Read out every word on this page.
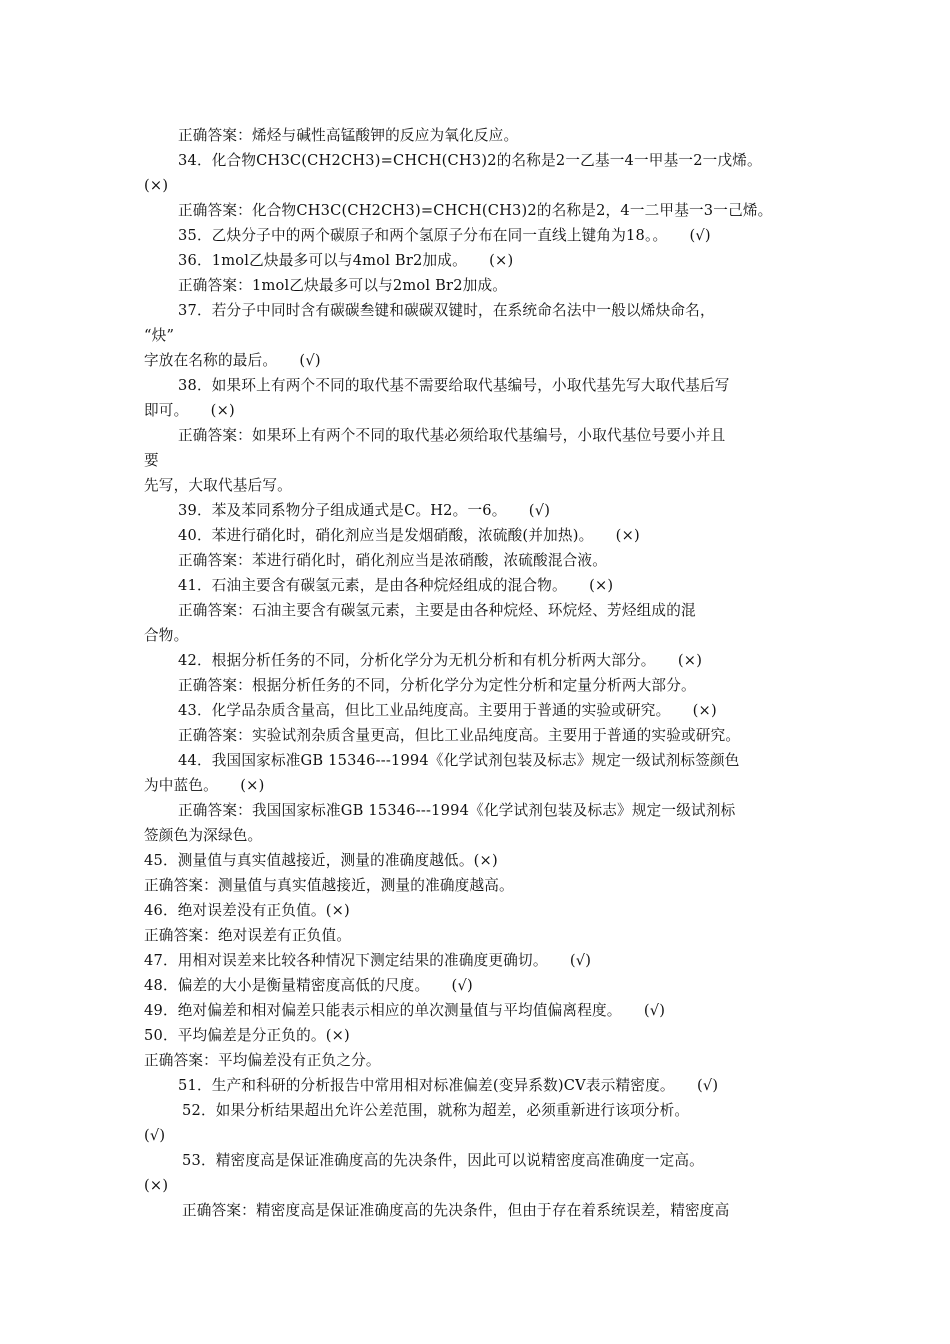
正确答案：烯烃与碱性高锰酸钾的反应为氧化反应。
34．化合物CH3C(CH2CH3)=CHCH(CH3)2的名称是2一乙基一4一甲基一2一戊烯。
(×)
正确答案：化合物CH3C(CH2CH3)=CHCH(CH3)2的名称是2，4一二甲基一3一己烯。
35．乙炔分子中的两个碳原子和两个氢原子分布在同一直线上键角为18。。　　(√)
36．1mol乙炔最多可以与4mol Br2加成。　　(×)
正确答案：1mol乙炔最多可以与2mol Br2加成。
37．若分子中同时含有碳碳叁键和碳碳双键时，在系统命名法中一般以烯炔命名，
“炔”
字放在名称的最后。　　(√)
38．如果环上有两个不同的取代基不需要给取代基编号，小取代基先写大取代基后写
即可。　　(×)
正确答案：如果环上有两个不同的取代基必须给取代基编号，小取代基位号要小并且
要
先写，大取代基后写。
39．苯及苯同系物分子组成通式是C。H2。一6。　　(√)
40．苯进行硝化时，硝化剂应当是发烟硝酸，浓硫酸(并加热)。　　(×)
正确答案：苯进行硝化时，硝化剂应当是浓硝酸，浓硫酸混合液。
41．石油主要含有碳氢元素，是由各种烷烃组成的混合物。　　(×)
正确答案：石油主要含有碳氢元素，主要是由各种烷烃、环烷烃、芳烃组成的混
合物。
42．根据分析任务的不同，分析化学分为无机分析和有机分析两大部分。　　(×)
正确答案：根据分析任务的不同，分析化学分为定性分析和定量分析两大部分。
43．化学品杂质含量高，但比工业品纯度高。主要用于普通的实验或研究。　　(×)
正确答案：实验试剂杂质含量更高，但比工业品纯度高。主要用于普通的实验或研究。
44．我国国家标准GB 15346---1994《化学试剂包装及标志》规定一级试剂标签颜色
为中蓝色。　　(×)
正确答案：我国国家标准GB 15346---1994《化学试剂包装及标志》规定一级试剂标
签颜色为深绿色。
45．测量值与真实值越接近，测量的准确度越低。(×)
正确答案：测量值与真实值越接近，测量的准确度越高。
46．绝对误差没有正负值。(×)
正确答案：绝对误差有正负值。
47．用相对误差来比较各种情况下测定结果的准确度更确切。　　(√)
48．偏差的大小是衡量精密度高低的尺度。　　(√)
49．绝对偏差和相对偏差只能表示相应的单次测量值与平均值偏离程度。　　(√)
50．平均偏差是分正负的。(×)
正确答案：平均偏差没有正负之分。
51．生产和科研的分析报告中常用相对标准偏差(变异系数)CV表示精密度。　　(√)
52．如果分析结果超出允许公差范围，就称为超差，必须重新进行该项分析。
(√)
53．精密度高是保证准确度高的先决条件，因此可以说精密度高准确度一定高。
(×)
正确答案：精密度高是保证准确度高的先决条件，但由于存在着系统误差，精密度高
